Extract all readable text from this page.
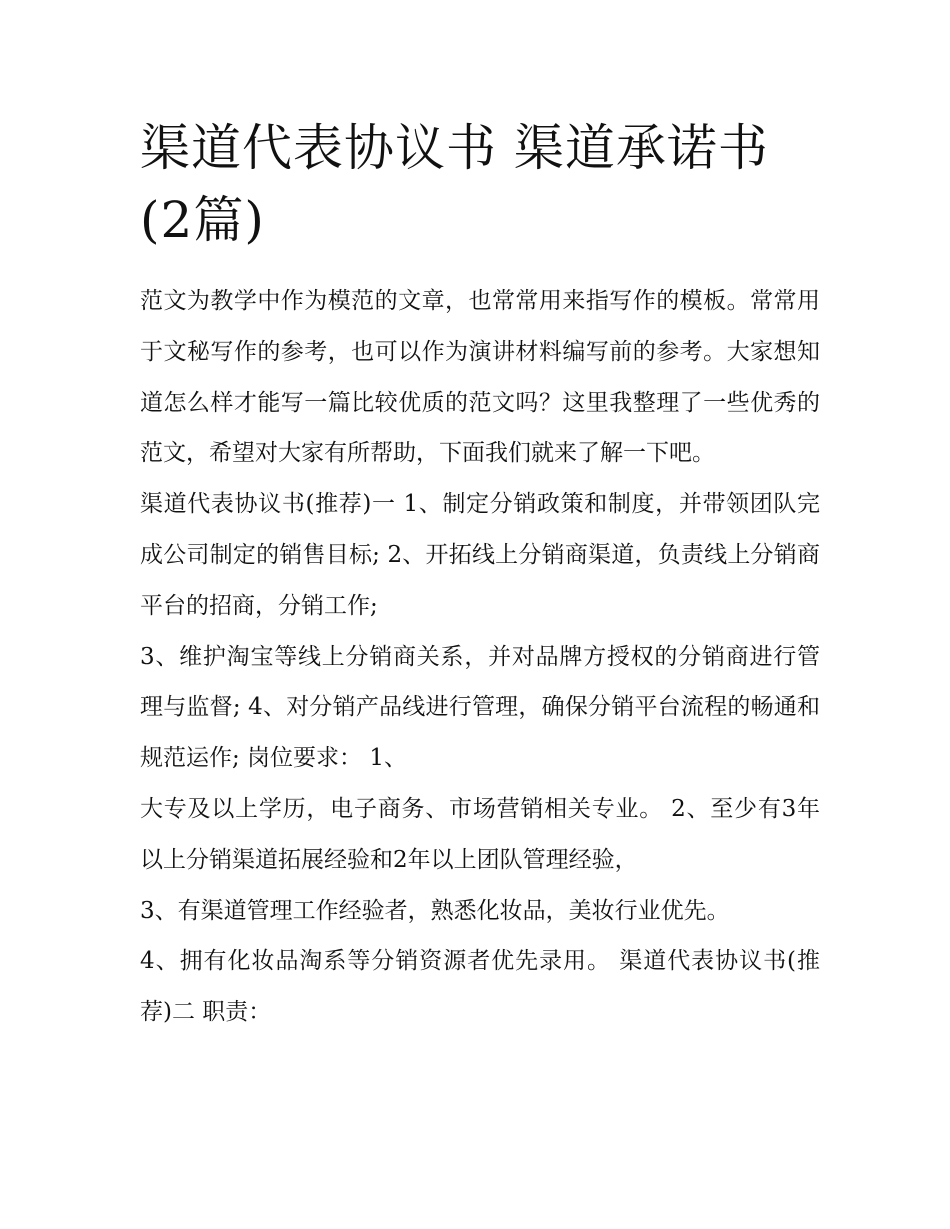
渠道代表协议书 渠道承诺书(2篇)

范文为教学中作为模范的文章，也常常用来指写作的模板。常常用于文秘写作的参考，也可以作为演讲材料编写前的参考。大家想知道怎么样才能写一篇比较优质的范文吗？这里我整理了一些优秀的范文，希望对大家有所帮助，下面我们就来了解一下吧。

渠道代表协议书(推荐)一 1、制定分销政策和制度，并带领团队完成公司制定的销售目标; 2、开拓线上分销商渠道，负责线上分销商平台的招商，分销工作;

3、维护淘宝等线上分销商关系，并对品牌方授权的分销商进行管理与监督; 4、对分销产品线进行管理，确保分销平台流程的畅通和规范运作; 岗位要求： 1、

大专及以上学历，电子商务、市场营销相关专业。 2、至少有3年以上分销渠道拓展经验和2年以上团队管理经验，

3、有渠道管理工作经验者，熟悉化妆品，美妆行业优先。

4、拥有化妆品淘系等分销资源者优先录用。 渠道代表协议书(推荐)二 职责：
